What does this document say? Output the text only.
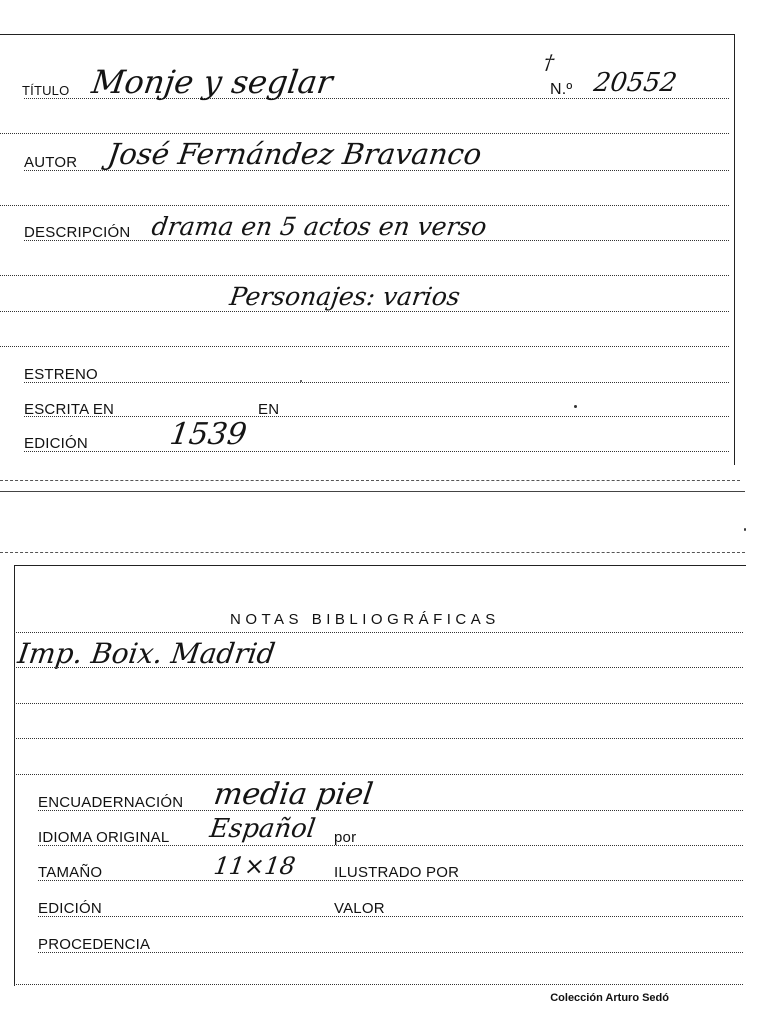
TÍTULO Monje y seglar
†
N.º 20552
AUTOR José Fernández Bravanco
DESCRIPCIÓN drama en 5 actos en verso
Personajes: varios
ESTRENO
ESCRITA EN	EN
EDICIÓN	1539
NOTAS BIBLIOGRÁFICAS
Imp. Boix. Madrid
ENCUADERNACIÓN media piel
IDIOMA ORIGINAL Español por
TAMAÑO	11×18 ILUSTRADO POR
EDICIÓN	VALOR
PROCEDENCIA
Colección Arturo Sedó
